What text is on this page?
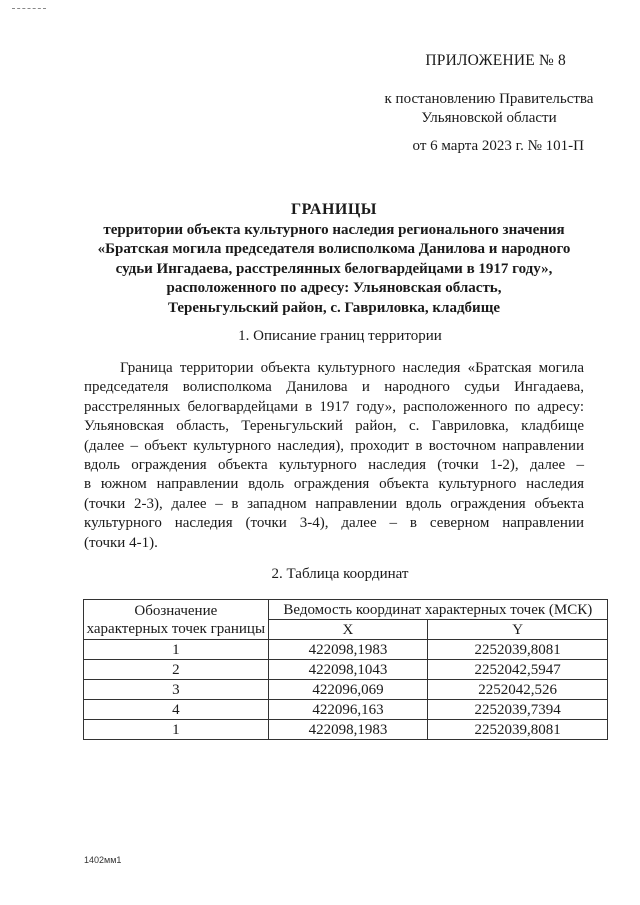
ПРИЛОЖЕНИЕ № 8
к постановлению Правительства
Ульяновской области
от 6 марта 2023 г. № 101-П
ГРАНИЦЫ
территории объекта культурного наследия регионального значения
«Братская могила председателя волисполкома Данилова и народного
судьи Ингадаева, расстрелянных белогвардейцами в 1917 году»,
расположенного по адресу: Ульяновская область,
Тереньгульский район, с. Гавриловка, кладбище
1. Описание границ территории
Граница территории объекта культурного наследия «Братская могила
председателя волисполкома Данилова и народного судьи Ингадаева,
расстрелянных белогвардейцами в 1917 году», расположенного по адресу:
Ульяновская область, Тереньгульский район, с. Гавриловка, кладбище
(далее – объект культурного наследия), проходит в восточном направлении
вдоль ограждения объекта культурного наследия (точки 1-2), далее –
в южном направлении вдоль ограждения объекта культурного наследия
(точки 2-3), далее – в западном направлении вдоль ограждения объекта
культурного наследия (точки 3-4), далее – в северном направлении
(точки 4-1).
2. Таблица координат
Обозначение
характерных точек границы	Ведомость координат характерных точек (МСК)	
	X	Y
1	422098,1983	2252039,8081
2	422098,1043	2252042,5947
3	422096,069	2252042,526
4	422096,163	2252039,7394
1	422098,1983	2252039,8081
1402мм1
